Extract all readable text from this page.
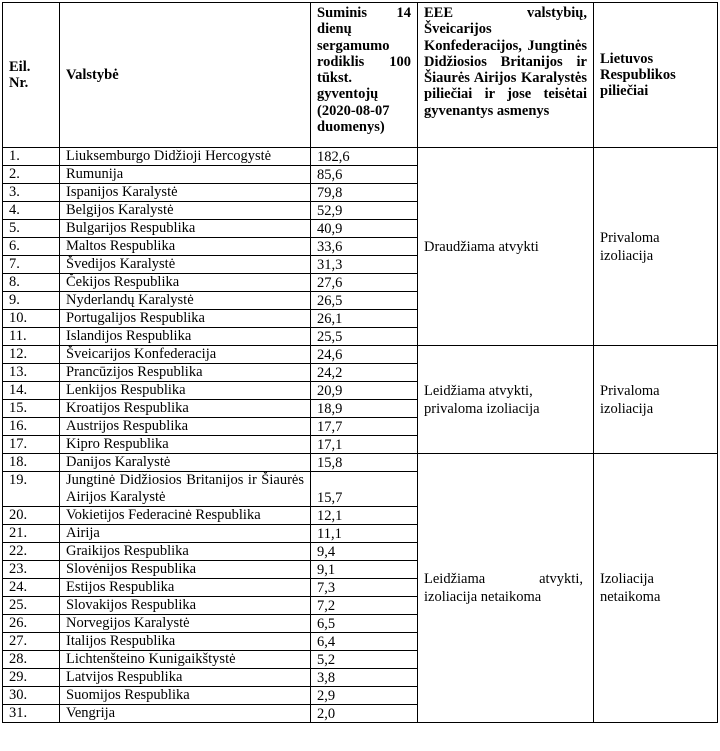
Eil. Nr.	Valstybė	Suminis 14 dienų sergamumo rodiklis 100 tūkst. gyventojų (2020-08-07 duomenys)	EEE valstybių, Šveicarijos Konfederacijos, Jungtinės Didžiosios Britanijos ir Šiaurės Airijos Karalystės piliečiai ir jose teisėtai gyvenantys asmenys	Lietuvos Respublikos piliečiai
1.	Liuksemburgo Didžioji Hercogystė	182,6	Draudžiama atvykti	Privaloma izoliacija
2.	Rumunija	85,6		
3.	Ispanijos Karalystė	79,8		
4.	Belgijos Karalystė	52,9		
5.	Bulgarijos Respublika	40,9		
6.	Maltos Respublika	33,6		
7.	Švedijos Karalystė	31,3		
8.	Čekijos Respublika	27,6		
9.	Nyderlandų Karalystė	26,5		
10.	Portugalijos Respublika	26,1		
11.	Islandijos Respublika	25,5		
12.	Šveicarijos Konfederacija	24,6	Leidžiama atvykti, privaloma izoliacija	Privaloma izoliacija
13.	Prancūzijos Respublika	24,2		
14.	Lenkijos Respublika	20,9		
15.	Kroatijos Respublika	18,9		
16.	Austrijos Respublika	17,7		
17.	Kipro Respublika	17,1		
18.	Danijos Karalystė	15,8	Leidžiama atvykti, izoliacija netaikoma	Izoliacija netaikoma
19.	Jungtinė Didžiosios Britanijos ir Šiaurės Airijos Karalystė	15,7		
20.	Vokietijos Federacinė Respublika	12,1		
21.	Airija	11,1		
22.	Graikijos Respublika	9,4		
23.	Slovėnijos Respublika	9,1		
24.	Estijos Respublika	7,3		
25.	Slovakijos Respublika	7,2		
26.	Norvegijos Karalystė	6,5		
27.	Italijos Respublika	6,4		
28.	Lichtenšteino Kunigaikštystė	5,2		
29.	Latvijos Respublika	3,8		
30.	Suomijos Respublika	2,9		
31.	Vengrija	2,0		
